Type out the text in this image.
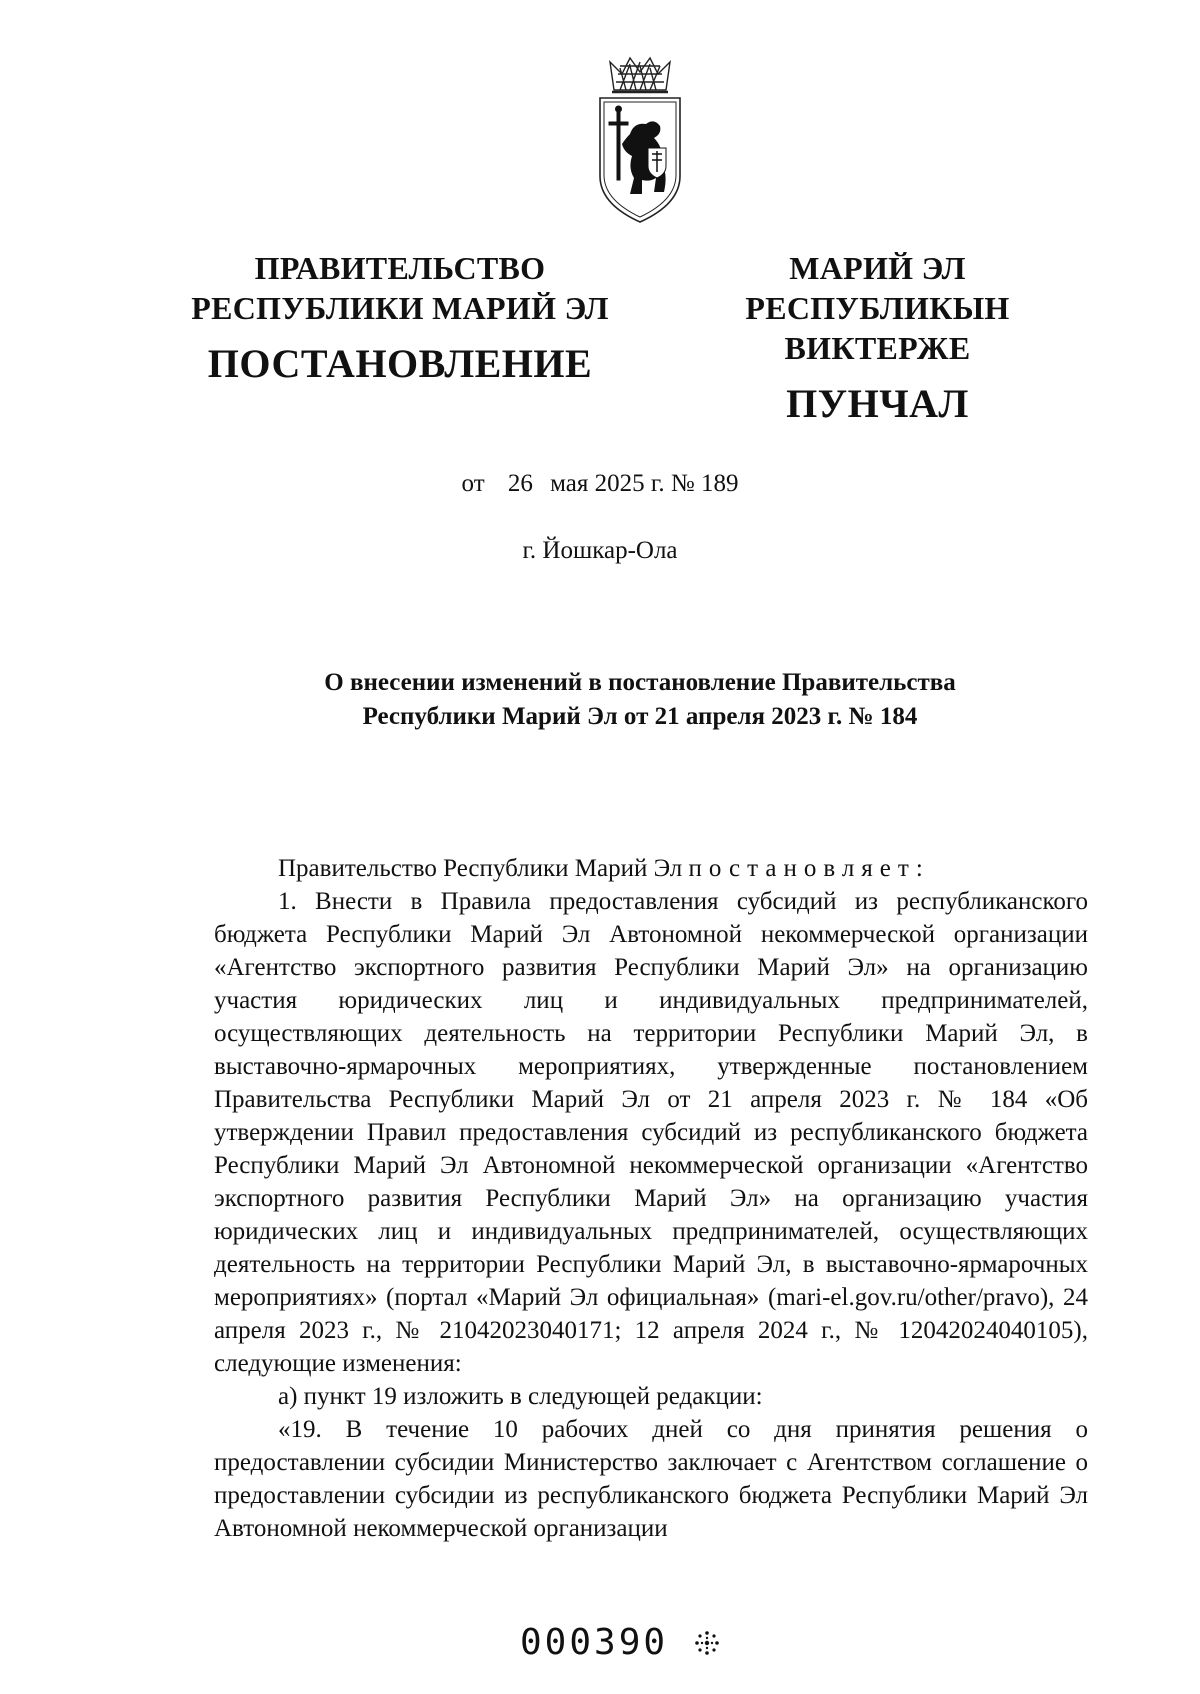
ПРАВИТЕЛЬСТВО
РЕСПУБЛИКИ МАРИЙ ЭЛ
ПОСТАНОВЛЕНИЕ
МАРИЙ ЭЛ РЕСПУБЛИКЫН
ВИКТЕРЖЕ
ПУНЧАЛ
от 26 мая 2025 г. № 189
г. Йошкар-Ола
О внесении изменений в постановление Правительства
Республики Марий Эл от 21 апреля 2023 г. № 184

Правительство Республики Марий Эл постановляет:

1. Внести в Правила предоставления субсидий из республиканского бюджета Республики Марий Эл Автономной некоммерческой организации «Агентство экспортного развития Республики Марий Эл» на организацию участия юридических лиц и индивидуальных предпринимателей, осуществляющих деятельность на территории Республики Марий Эл, в выставочно-ярмарочных мероприятиях, утвержденные постановлением Правительства Республики Марий Эл от 21 апреля 2023 г. № 184 «Об утверждении Правил предоставления субсидий из республиканского бюджета Республики Марий Эл Автономной некоммерческой организации «Агентство экспортного развития Республики Марий Эл» на организацию участия юридических лиц и индивидуальных предпринимателей, осуществляющих деятельность на территории Республики Марий Эл, в выставочно-ярмарочных мероприятиях» (портал «Марий Эл официальная» (mari-el.gov.ru/other/pravo), 24 апреля 2023 г., № 21042023040171; 12 апреля 2024 г., № 12042024040105), следующие изменения:

а) пункт 19 изложить в следующей редакции:

«19. В течение 10 рабочих дней со дня принятия решения о предоставлении субсидии Министерство заключает с Агентством соглашение о предоставлении субсидии из республиканского бюджета Республики Марий Эл Автономной некоммерческой организации

000390
